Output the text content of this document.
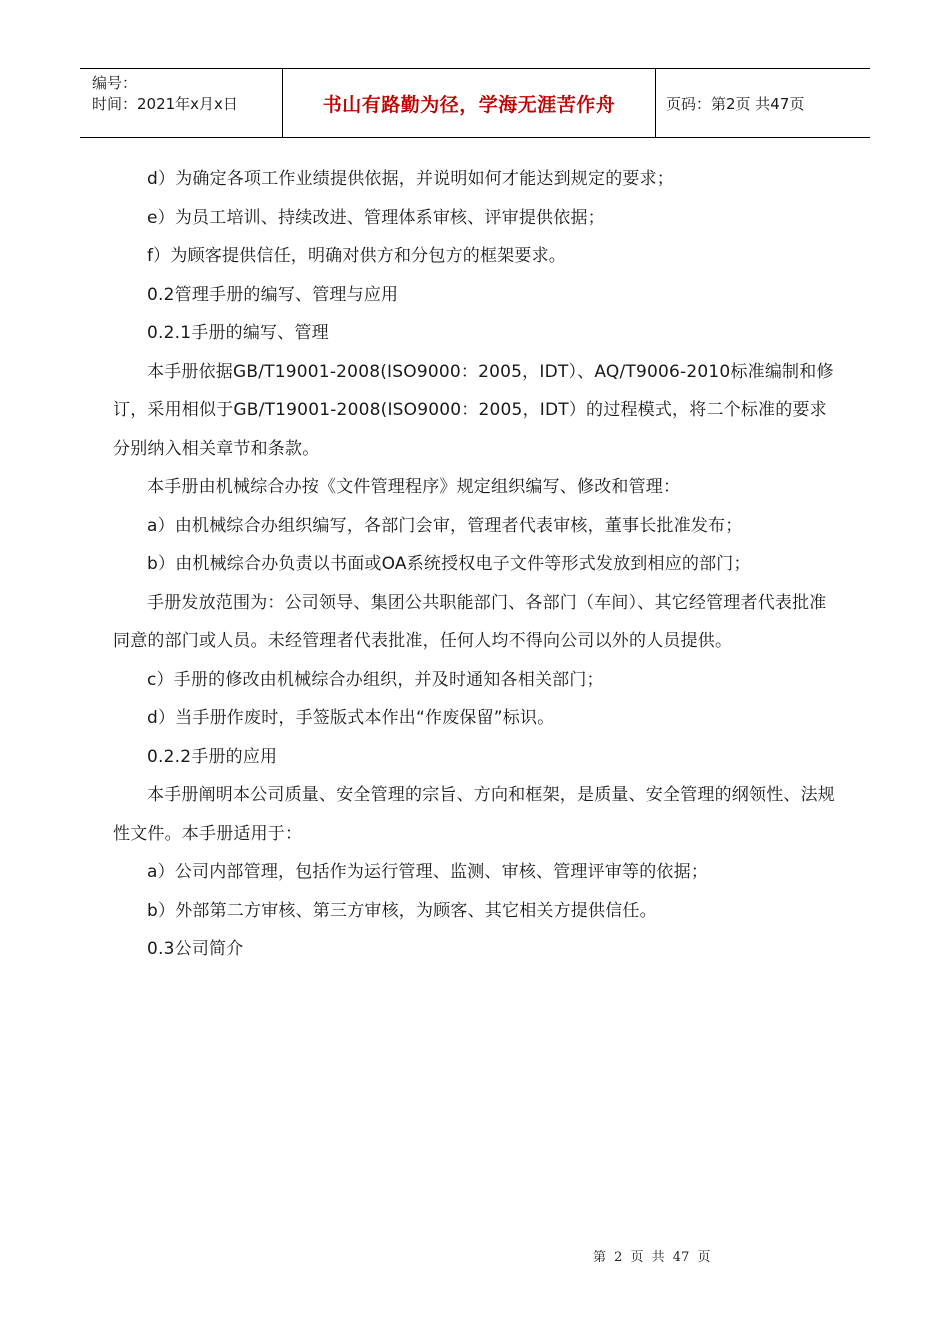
编号：
时间：2021年x月x日	书山有路勤为径，学海无涯苦作舟	页码：第2页 共47页

d）为确定各项工作业绩提供依据，并说明如何才能达到规定的要求；

e）为员工培训、持续改进、管理体系审核、评审提供依据；

f）为顾客提供信任，明确对供方和分包方的框架要求。

0.2管理手册的编写、管理与应用

0.2.1手册的编写、管理

本手册依据GB/T19001-2008(ISO9000：2005，IDT）、AQ/T9006-2010标准编制和修订，采用相似于GB/T19001-2008(ISO9000：2005，IDT）的过程模式，将二个标准的要求分别纳入相关章节和条款。

本手册由机械综合办按《文件管理程序》规定组织编写、修改和管理：

a）由机械综合办组织编写，各部门会审，管理者代表审核，董事长批准发布；

b）由机械综合办负责以书面或OA系统授权电子文件等形式发放到相应的部门；

手册发放范围为：公司领导、集团公共职能部门、各部门（车间）、其它经管理者代表批准同意的部门或人员。未经管理者代表批准，任何人均不得向公司以外的人员提供。

c）手册的修改由机械综合办组织，并及时通知各相关部门；

d）当手册作废时，手签版式本作出“作废保留”标识。

0.2.2手册的应用

本手册阐明本公司质量、安全管理的宗旨、方向和框架，是质量、安全管理的纲领性、法规性文件。本手册适用于：

a）公司内部管理，包括作为运行管理、监测、审核、管理评审等的依据；

b）外部第二方审核、第三方审核，为顾客、其它相关方提供信任。

0.3公司简介

第 2 页 共 47 页
